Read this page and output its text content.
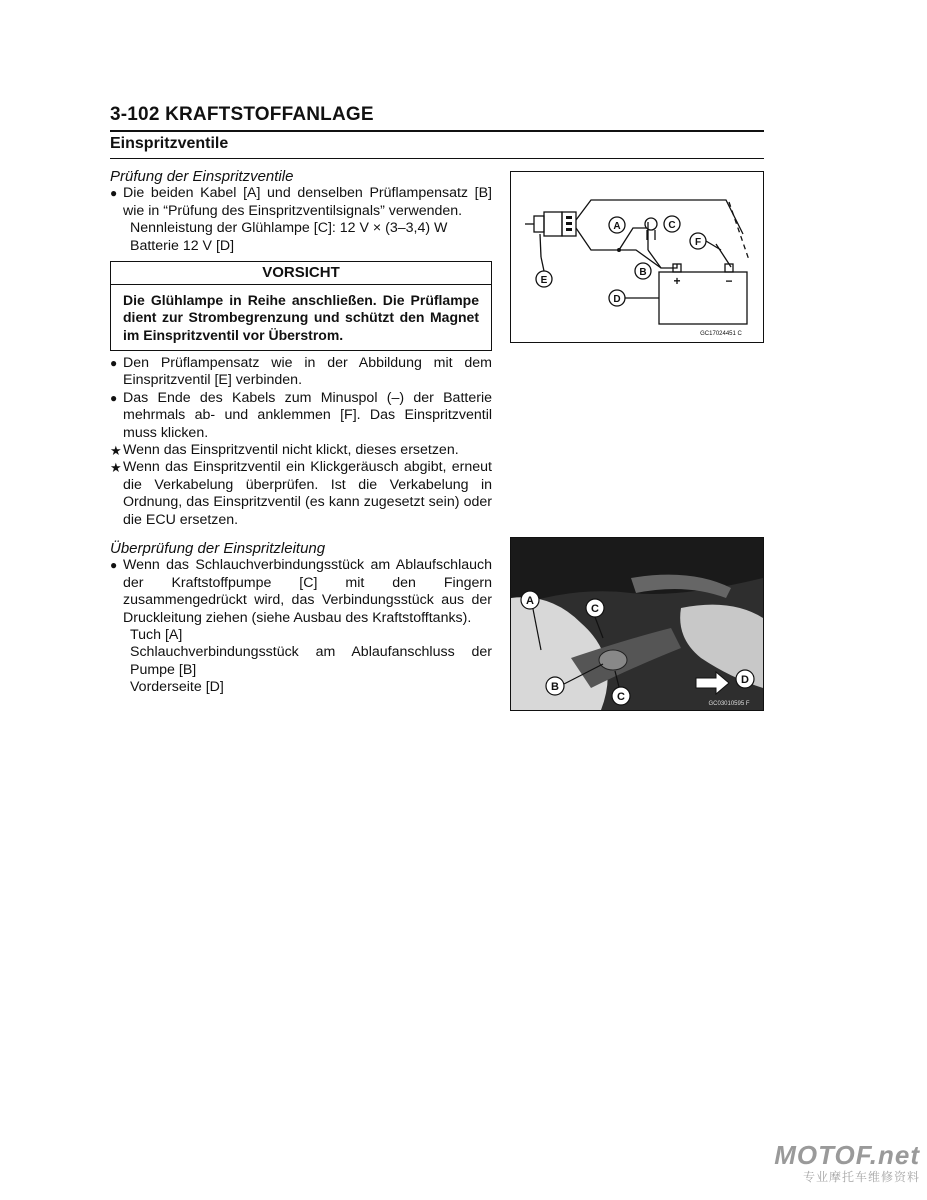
3-102 KRAFTSTOFFANLAGE
Einspritzventile
Prüfung der Einspritzventile
● Die beiden Kabel [A] und denselben Prüflampensatz [B] wie in “Prüfung des Einspritzventilsignals” verwenden.
Nennleistung der Glühlampe [C]: 12 V × (3–3,4) W
Batterie 12 V [D]
VORSICHT
Die Glühlampe in Reihe anschließen. Die Prüflampe dient zur Strombegrenzung und schützt den Magnet im Einspritzventil vor Überstrom.
● Den Prüflampensatz wie in der Abbildung mit dem Einspritzventil [E] verbinden.
● Das Ende des Kabels zum Minuspol (–) der Batterie mehrmals ab- und anklemmen [F]. Das Einspritzventil muss klicken.
★ Wenn das Einspritzventil nicht klickt, dieses ersetzen.
★ Wenn das Einspritzventil ein Klickgeräusch abgibt, erneut die Verkabelung überprüfen. Ist die Verkabelung in Ordnung, das Einspritzventil (es kann zugesetzt sein) oder die ECU ersetzen.
Überprüfung der Einspritzleitung
● Wenn das Schlauchverbindungsstück am Ablaufschlauch der Kraftstoffpumpe [C] mit den Fingern zusammengedrückt wird, das Verbindungsstück aus der Druckleitung ziehen (siehe Ausbau des Kraftstofftanks).
Tuch [A]
Schlauchverbindungsstück am Ablaufanschluss der Pumpe [B]
Vorderseite [D]
A	C
B
D
E
F
+	−
GC17024451 C
A
C
B
C
D
GC03010595 F
MOTOF.net
专业摩托车维修资料
